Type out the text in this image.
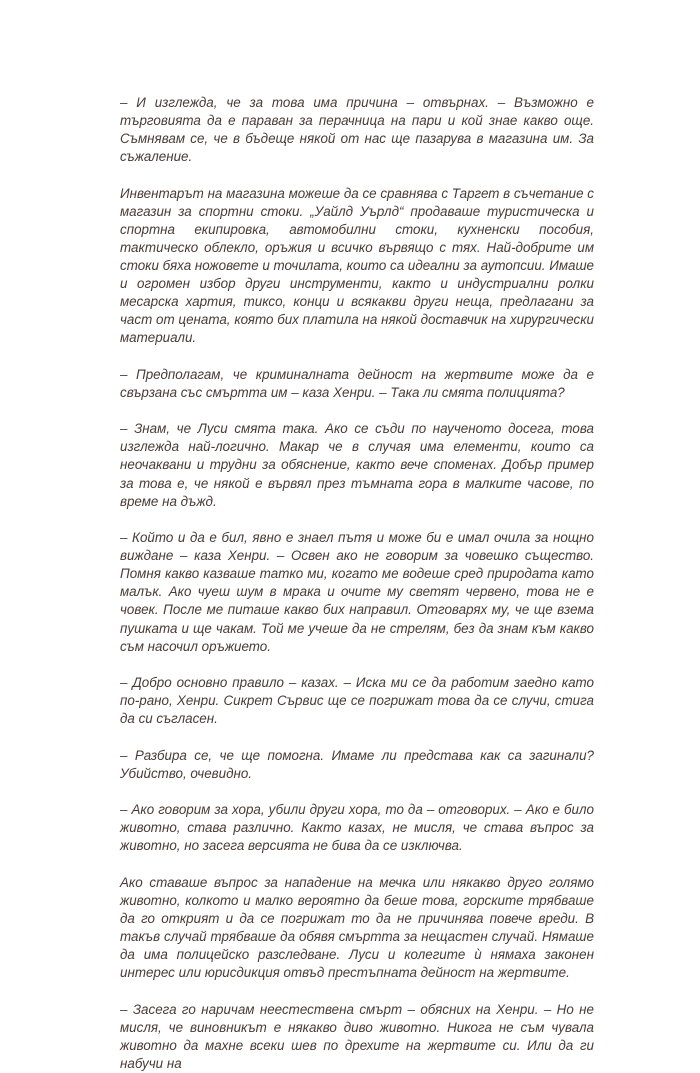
– И изглежда, че за това има причина – отвърнах. – Възможно е търговията да е параван за перачница на пари и кой знае какво още. Съмнявам се, че в бъдеще някой от нас ще пазарува в магазина им. За съжаление.

Инвентарът на магазина можеше да се сравнява с Таргет в съчетание с магазин за спортни стоки. „Уайлд Уърлд“ продаваше туристическа и спортна екипировка, автомобилни стоки, кухненски пособия, тактическо облекло, оръжия и всичко вървящо с тях. Най-добрите им стоки бяха ножовете и точилата, които са идеални за аутопсии. Имаше и огромен избор други инструменти, както и индустриални ролки месарска хартия, тиксо, конци и всякакви други неща, предлагани за част от цената, която бих платила на някой доставчик на хирургически материали.

– Предполагам, че криминалната дейност на жертвите може да е свързана със смъртта им – каза Хенри. – Така ли смята полицията?

– Знам, че Луси смята така. Ако се съди по наученото досега, това изглежда най-логично. Макар че в случая има елементи, които са неочаквани и трудни за обяснение, както вече споменах. Добър пример за това е, че някой е вървял през тъмната гора в малките часове, по време на дъжд.

– Който и да е бил, явно е знаел пътя и може би е имал очила за нощно виждане – каза Хенри. – Освен ако не говорим за човешко същество. Помня какво казваше татко ми, когато ме водеше сред природата като малък. Ако чуеш шум в мрака и очите му светят червено, това не е човек. После ме питаше какво бих направил. Отговарях му, че ще взема пушката и ще чакам. Той ме учеше да не стрелям, без да знам към какво съм насочил оръжието.

– Добро основно правило – казах. – Иска ми се да работим заедно като по-рано, Хенри. Сикрет Сървис ще се погрижат това да се случи, стига да си съгласен.

– Разбира се, че ще помогна. Имаме ли представа как са загинали? Убийство, очевидно.

– Ако говорим за хора, убили други хора, то да – отговорих. – Ако е било животно, става различно. Както казах, не мисля, че става въпрос за животно, но засега версията не бива да се изключва.

Ако ставаше въпрос за нападение на мечка или някакво друго голямо животно, колкото и малко вероятно да беше това, горските трябваше да го открият и да се погрижат то да не причинява повече вреди. В такъв случай трябваше да обявя смъртта за нещастен случай. Нямаше да има полицейско разследване. Луси и колегите ѝ нямаха законен интерес или юрисдикция отвъд престъпната дейност на жертвите.

– Засега го наричам неестествена смърт – обясних на Хенри. – Но не мисля, че виновникът е някакво диво животно. Никога не съм чувала животно да махне всеки шев по дрехите на жертвите си. Или да ги набучи на
